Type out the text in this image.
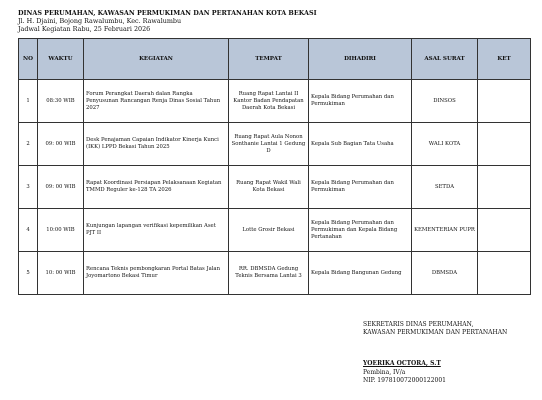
DINAS PERUMAHAN, KAWASAN PERMUKIMAN DAN PERTANAHAN KOTA BEKASI
Jl. H. Djaini, Bojong Rawalumbu, Kec. Rawalumbu
Jadwal Kegiatan Rabu, 25 Februari 2026
NO	WAKTU	KEGIATAN	TEMPAT	DIHADIRI	ASAL SURAT	KET
1	08:30 WIB	Forum Perangkat Daerah dalan Rangka Penyusunan Rancangan Renja Dinas Sosial Tahun 2027	Ruang Rapat Lantai II Kantor Badan Pendapatan Daerah Kota Bekasi	Kepala Bidang Perumahan dan Permukiman	DINSOS	
2	09: 00 WIB	Desk Penajaman Capaian Indikator Kinerja Kunci (IKK) LPPD Bekasi Tahun 2025	Ruang Rapat Aula Nonon Sonthanie Lantai 1 Gedung D	Kepala Sub Bagian Tata Usaha	WALI KOTA	
3	09: 00 WIB	Rapat Koordinasi Persiapan Pelaksanaan Kegiatan TMMD Reguler ke-128 TA 2026	Ruang Rapat Wakil Wali Kota Bekasi	Kepala Bidang Perumahan dan Permukiman	SETDA	
4	10:00 WIB	Kunjungan lapangan verifikasi kepemilikan Aset PJT II	Lotte Grosir Bekasi	Kepala Bidang Perumahan dan Permukiman dan Kepala Bidang Pertanahan	KEMENTERIAN PUPR	
5	10: 00 WIB	Rencana Teknis pembongkaran Portal Batas Jalan Joyomartono Bekasi Timur	RR. DBMSDA Gedung Teknis Bersama Lantai 3	Kepala Bidang Bangunan Gedung	DBMSDA	
SEKRETARIS DINAS PERUMAHAN,
KAWASAN PERMUKIMAN DAN PERTANAHAN
YOERIKA OCTORA, S.T
Pembina, IV/a
NIP. 197810072000122001
